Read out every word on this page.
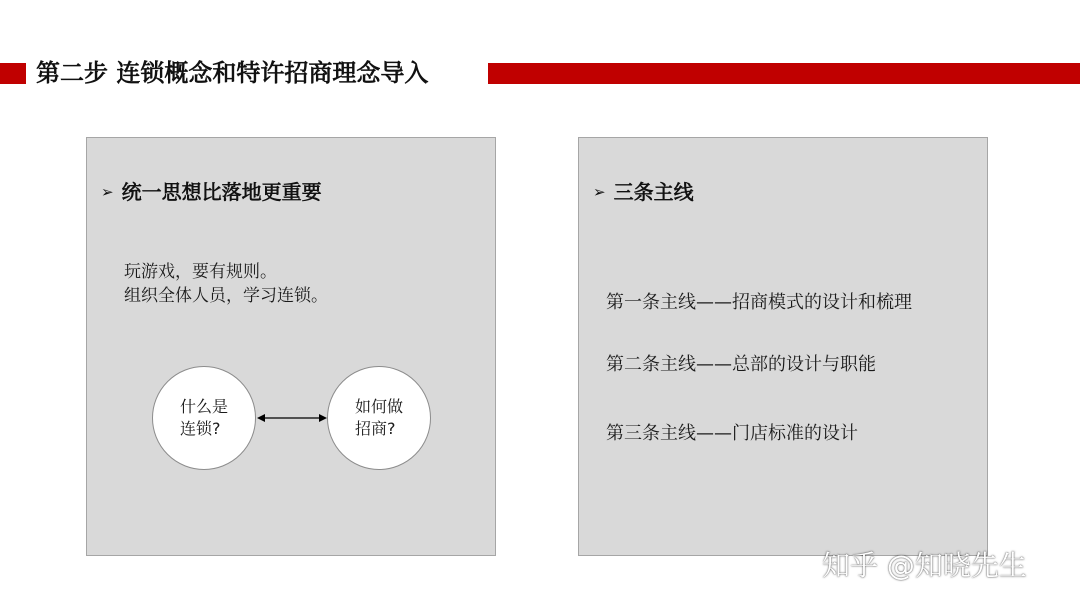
第二步 连锁概念和特许招商理念导入
➢ 统一思想比落地更重要
玩游戏，要有规则。
组织全体人员，学习连锁。
什么是
连锁?
如何做
招商?
➢ 三条主线
第一条主线——招商模式的设计和梳理
第二条主线——总部的设计与职能
第三条主线——门店标准的设计
知乎 @知晓先生
